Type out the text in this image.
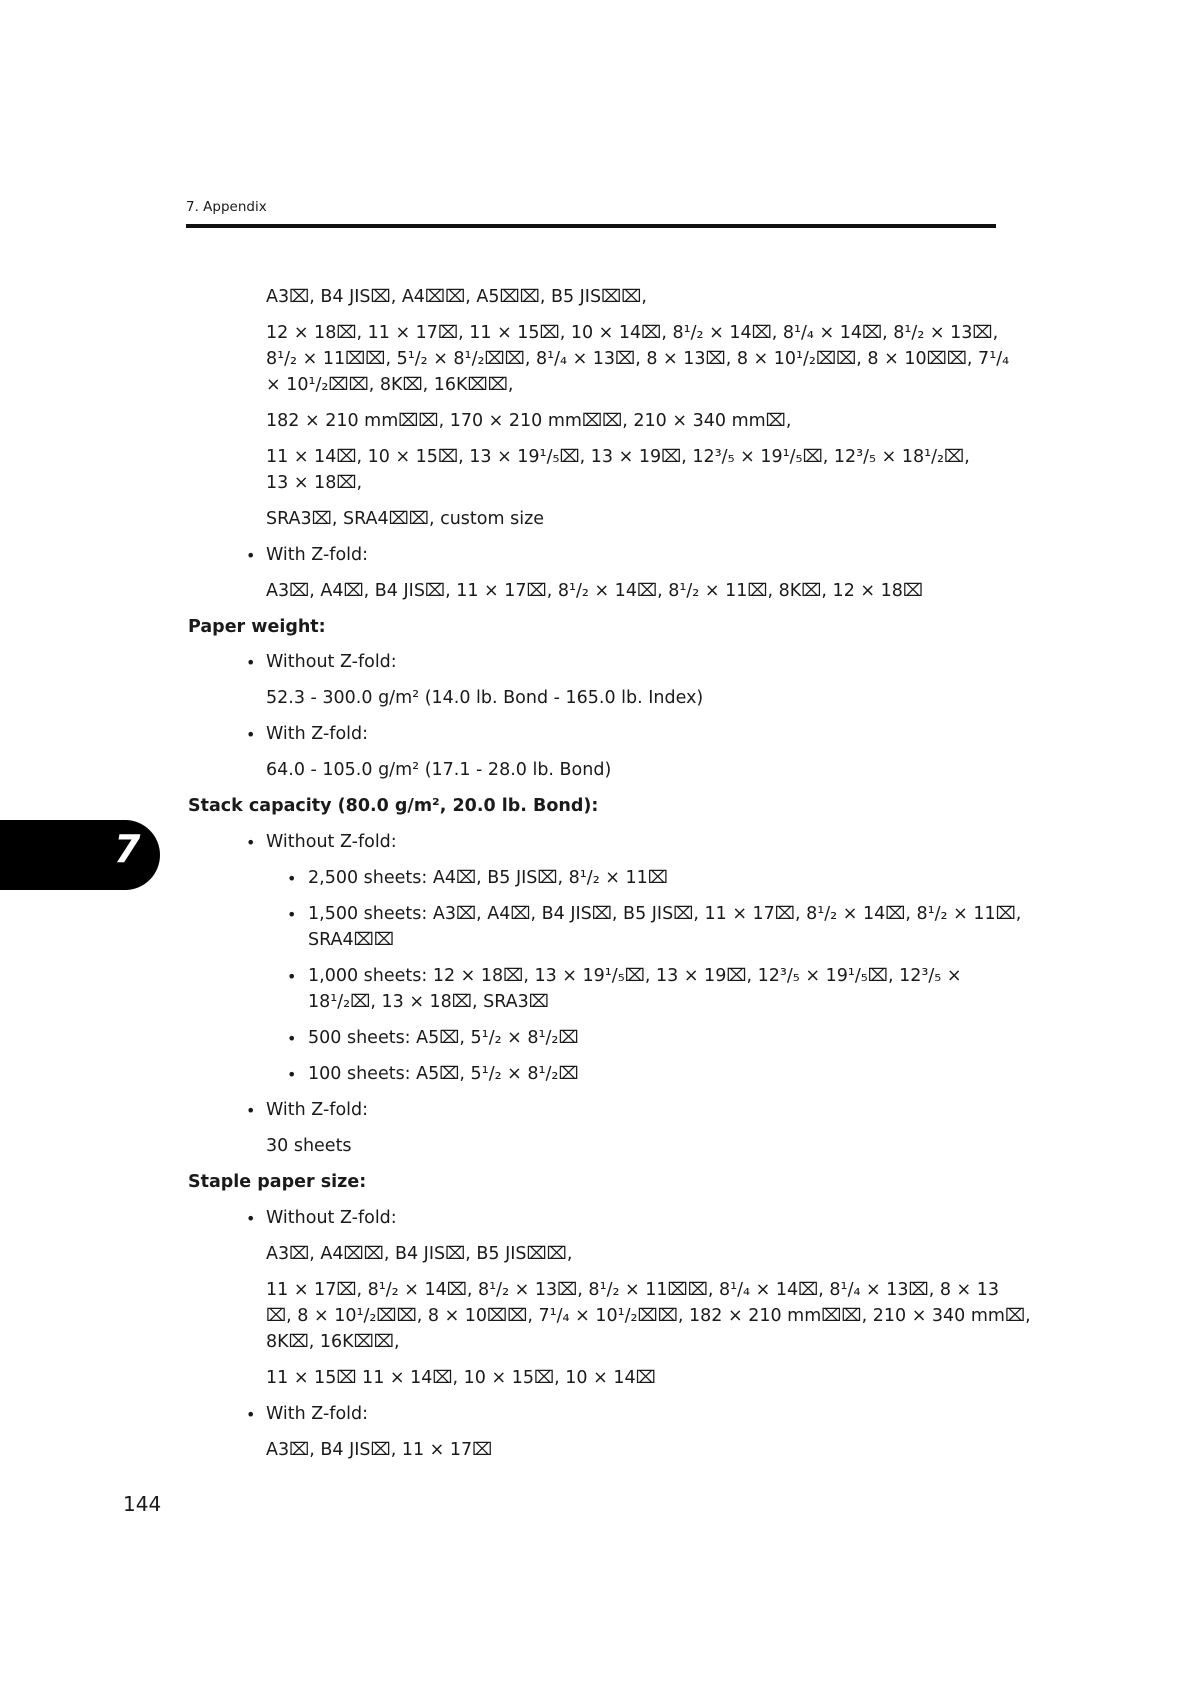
7. Appendix
7
A3⌧, B4 JIS⌧, A4⌧⌧, A5⌧⌧, B5 JIS⌧⌧,
12 × 18⌧, 11 × 17⌧, 11 × 15⌧, 10 × 14⌧, 8¹/₂ × 14⌧, 8¹/₄ × 14⌧, 8¹/₂ × 13⌧,
8¹/₂ × 11⌧⌧, 5¹/₂ × 8¹/₂⌧⌧, 8¹/₄ × 13⌧, 8 × 13⌧, 8 × 10¹/₂⌧⌧, 8 × 10⌧⌧, 7¹/₄
× 10¹/₂⌧⌧, 8K⌧, 16K⌧⌧,
182 × 210 mm⌧⌧, 170 × 210 mm⌧⌧, 210 × 340 mm⌧,
11 × 14⌧, 10 × 15⌧, 13 × 19¹/₅⌧, 13 × 19⌧, 12³/₅ × 19¹/₅⌧, 12³/₅ × 18¹/₂⌧,
13 × 18⌧,
SRA3⌧, SRA4⌧⌧, custom size
• With Z-fold:
A3⌧, A4⌧, B4 JIS⌧, 11 × 17⌧, 8¹/₂ × 14⌧, 8¹/₂ × 11⌧, 8K⌧, 12 × 18⌧
Paper weight:
• Without Z-fold:
52.3 - 300.0 g/m² (14.0 lb. Bond - 165.0 lb. Index)
• With Z-fold:
64.0 - 105.0 g/m² (17.1 - 28.0 lb. Bond)
Stack capacity (80.0 g/m², 20.0 lb. Bond):
• Without Z-fold:
• 2,500 sheets: A4⌧, B5 JIS⌧, 8¹/₂ × 11⌧
• 1,500 sheets: A3⌧, A4⌧, B4 JIS⌧, B5 JIS⌧, 11 × 17⌧, 8¹/₂ × 14⌧, 8¹/₂ × 11⌧,
SRA4⌧⌧
• 1,000 sheets: 12 × 18⌧, 13 × 19¹/₅⌧, 13 × 19⌧, 12³/₅ × 19¹/₅⌧, 12³/₅ ×
18¹/₂⌧, 13 × 18⌧, SRA3⌧
• 500 sheets: A5⌧, 5¹/₂ × 8¹/₂⌧
• 100 sheets: A5⌧, 5¹/₂ × 8¹/₂⌧
• With Z-fold:
30 sheets
Staple paper size:
• Without Z-fold:
A3⌧, A4⌧⌧, B4 JIS⌧, B5 JIS⌧⌧,
11 × 17⌧, 8¹/₂ × 14⌧, 8¹/₂ × 13⌧, 8¹/₂ × 11⌧⌧, 8¹/₄ × 14⌧, 8¹/₄ × 13⌧, 8 × 13
⌧, 8 × 10¹/₂⌧⌧, 8 × 10⌧⌧, 7¹/₄ × 10¹/₂⌧⌧, 182 × 210 mm⌧⌧, 210 × 340 mm⌧,
8K⌧, 16K⌧⌧,
11 × 15⌧ 11 × 14⌧, 10 × 15⌧, 10 × 14⌧
• With Z-fold:
A3⌧, B4 JIS⌧, 11 × 17⌧
144
